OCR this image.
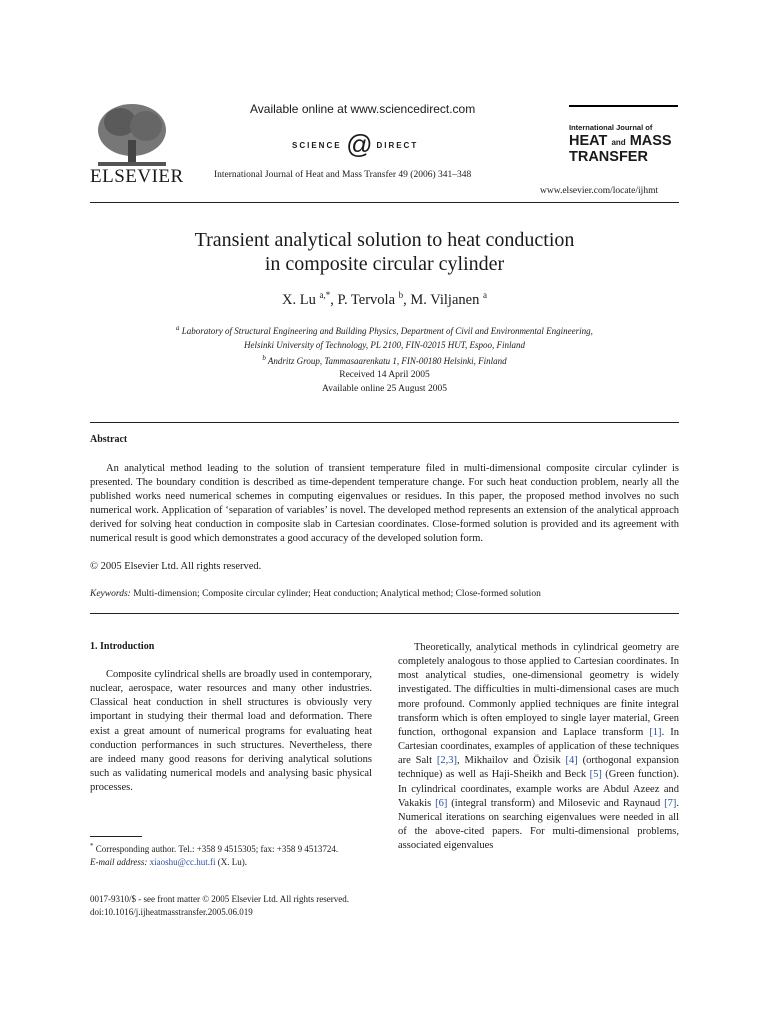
ELSEVIER
Available online at www.sciencedirect.com
SCIENCE @ DIRECT
International Journal of Heat and Mass Transfer 49 (2006) 341–348
International Journal of
HEAT and MASS
TRANSFER
www.elsevier.com/locate/ijhmt
Transient analytical solution to heat conduction
in composite circular cylinder
X. Lu $^{a,*}$, P. Tervola $^b$, M. Viljanen $^a$
$^a$ Laboratory of Structural Engineering and Building Physics, Department of Civil and Environmental Engineering,
Helsinki University of Technology, PL 2100, FIN-02015 HUT, Espoo, Finland
$^b$ Andritz Group, Tammasaarenkatu 1, FIN-00180 Helsinki, Finland
Received 14 April 2005
Available online 25 August 2005
Abstract
An analytical method leading to the solution of transient temperature filed in multi-dimensional composite circular cylinder is presented. The boundary condition is described as time-dependent temperature change. For such heat conduction problem, nearly all the published works need numerical schemes in computing eigenvalues or residues. In this paper, the proposed method involves no such numerical work. Application of ‘separation of variables’ is novel. The developed method represents an extension of the analytical approach derived for solving heat conduction in composite slab in Cartesian coordinates. Close-formed solution is provided and its agreement with numerical result is good which demonstrates a good accuracy of the developed solution form.
© 2005 Elsevier Ltd. All rights reserved.
Keywords: Multi-dimension; Composite circular cylinder; Heat conduction; Analytical method; Close-formed solution
1. Introduction
Composite cylindrical shells are broadly used in contemporary, nuclear, aerospace, water resources and many other industries. Classical heat conduction in shell structures is obviously very important in studying their thermal load and deformation. There exist a great amount of numerical programs for evaluating heat conduction performances in such structures. Nevertheless, there are indeed many good reasons for deriving analytical solutions such as validating numerical models and analysing basic physical processes.
Theoretically, analytical methods in cylindrical geometry are completely analogous to those applied to Cartesian coordinates. In most analytical studies, one-dimensional geometry is widely investigated. The difficulties in multi-dimensional cases are much more profound. Commonly applied techniques are finite integral transform which is often employed to single layer material, Green function, orthogonal expansion and Laplace transform [1]. In Cartesian coordinates, examples of application of these techniques are Salt [2,3], Mikhailov and Özisik [4] (orthogonal expansion technique) as well as Haji-Sheikh and Beck [5] (Green function). In cylindrical coordinates, example works are Abdul Azeez and Vakakis [6] (integral transform) and Milosevic and Raynaud [7]. Numerical iterations on searching eigenvalues were needed in all of the above-cited papers. For multi-dimensional problems, associated eigenvalues
* Corresponding author. Tel.: +358 9 4515305; fax: +358 9 4513724.
E-mail address: xiaoshu@cc.hut.fi (X. Lu).
0017-9310/$ - see front matter © 2005 Elsevier Ltd. All rights reserved.
doi:10.1016/j.ijheatmasstransfer.2005.06.019
